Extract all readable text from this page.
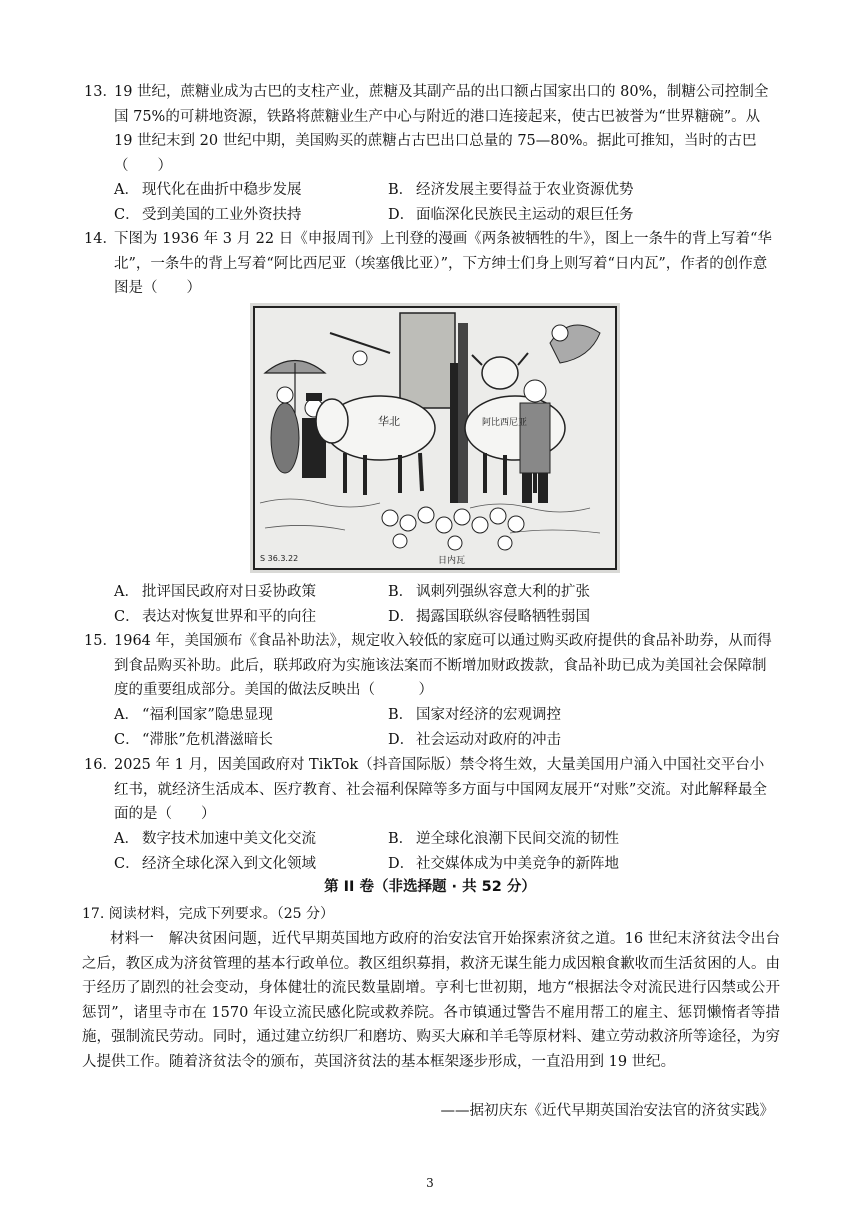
13．
19 世纪，蔗糖业成为古巴的支柱产业，蔗糖及其副产品的出口额占国家出口的 80%，制糖公司控制全国 75%的可耕地资源，铁路将蔗糖业生产中心与附近的港口连接起来，使古巴被誉为“世界糖碗”。从 19 世纪末到 20 世纪中期，美国购买的蔗糖占古巴出口总量的 75—80%。据此可推知，当时的古巴（　　）
A． 现代化在曲折中稳步发展	B． 经济发展主要得益于农业资源优势
C． 受到美国的工业外资扶持	D． 面临深化民族民主运动的艰巨任务
14．
下图为 1936 年 3 月 22 日《申报周刊》上刊登的漫画《两条被牺牲的牛》，图上一条牛的背上写着“华北”，一条牛的背上写着“阿比西尼亚（埃塞俄比亚）”，下方绅士们身上则写着“日内瓦”，作者的创作意图是（　　）
华北	阿比西尼亚
日内瓦
S 36.3.22
A． 批评国民政府对日妥协政策	B． 讽刺列强纵容意大利的扩张
C． 表达对恢复世界和平的向往	D． 揭露国联纵容侵略牺牲弱国
15．
1964 年，美国颁布《食品补助法》，规定收入较低的家庭可以通过购买政府提供的食品补助券，从而得到食品购买补助。此后，联邦政府为实施该法案而不断增加财政拨款，食品补助已成为美国社会保障制度的重要组成部分。美国的做法反映出（　　　）
A． “福利国家”隐患显现	B． 国家对经济的宏观调控
C． “滞胀”危机潜滋暗长	D． 社会运动对政府的冲击
16．
2025 年 1 月，因美国政府对 TikTok（抖音国际版）禁令将生效，大量美国用户涌入中国社交平台小红书，就经济生活成本、医疗教育、社会福利保障等多方面与中国网友展开“对账”交流。对此解释最全面的是（　　）
A． 数字技术加速中美文化交流	B． 逆全球化浪潮下民间交流的韧性
C． 经济全球化深入到文化领域	D． 社交媒体成为中美竞争的新阵地
第 II 卷（非选择题 · 共 52 分）
17. 阅读材料，完成下列要求。（25 分）
材料一　解决贫困问题，近代早期英国地方政府的治安法官开始探索济贫之道。16 世纪末济贫法令出台之后，教区成为济贫管理的基本行政单位。教区组织募捐，救济无谋生能力成因粮食歉收而生活贫困的人。由于经历了剧烈的社会变动，身体健壮的流民数量剧增。亨利七世初期，地方“根据法令对流民进行囚禁或公开惩罚”，诸里寺市在 1570 年设立流民感化院或救养院。各市镇通过警告不雇用帮工的雇主、惩罚懒惰者等措施，强制流民劳动。同时，通过建立纺织厂和磨坊、购买大麻和羊毛等原材料、建立劳动救济所等途径，为穷人提供工作。随着济贫法令的颁布，英国济贫法的基本框架逐步形成，一直沿用到 19 世纪。
——据初庆东《近代早期英国治安法官的济贫实践》
3
